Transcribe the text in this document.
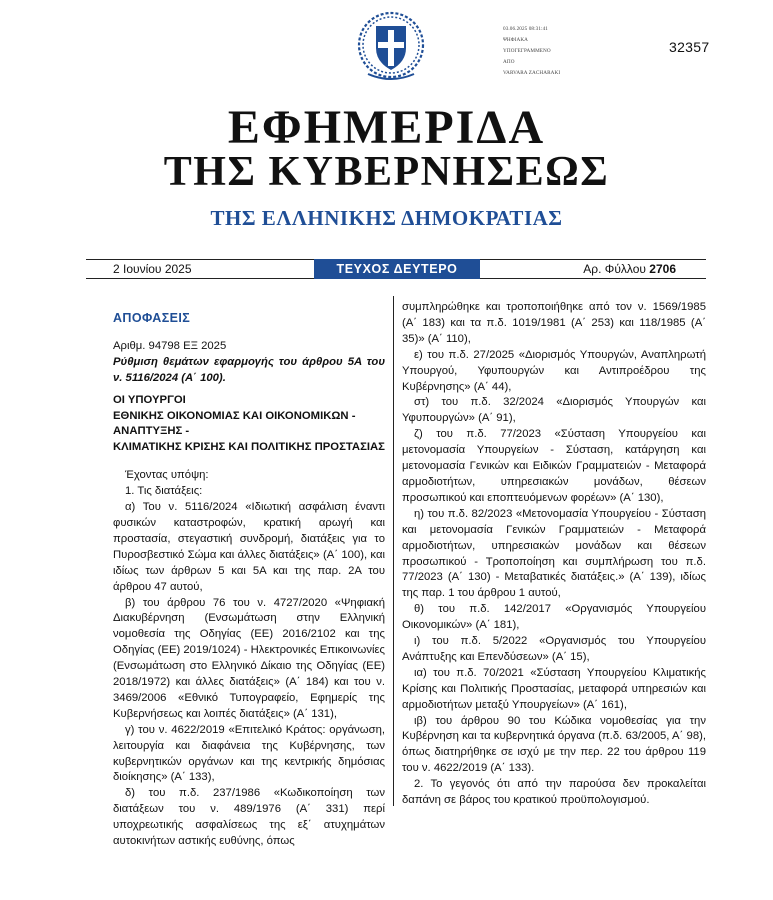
03.06.2025 08:31:41
ΨΗΦΙΑΚΑ
ΥΠΟΓΕΓΡΑΜΜΕΝΟ
ΑΠΟ
VARVARA ZACHARAKI
32357
ΕΦΗΜΕΡΙΔΑ
ΤΗΣ ΚΥΒΕΡΝΗΣΕΩΣ
ΤΗΣ ΕΛΛΗΝΙΚΗΣ ΔΗΜΟΚΡΑΤΙΑΣ
2 Ιουνίου 2025	ΤΕΥΧΟΣ ΔΕΥΤΕΡΟ	Αρ. Φύλλου 2706
ΑΠΟΦΑΣΕΙΣ
Αριθμ. 94798 ΕΞ 2025
Ρύθμιση θεμάτων εφαρμογής του άρθρου 5Α του ν. 5116/2024 (Α΄ 100).
ΟΙ ΥΠΟΥΡΓΟΙ
ΕΘΝΙΚΗΣ ΟΙΚΟΝΟΜΙΑΣ ΚΑΙ ΟΙΚΟΝΟΜΙΚΩΝ - ΑΝΑΠΤΥΞΗΣ -
ΚΛΙΜΑΤΙΚΗΣ ΚΡΙΣΗΣ ΚΑΙ ΠΟΛΙΤΙΚΗΣ ΠΡΟΣΤΑΣΙΑΣ
Έχοντας υπόψη:
1. Τις διατάξεις:
α) Του ν. 5116/2024 «Ιδιωτική ασφάλιση έναντι φυσικών καταστροφών, κρατική αρωγή και προστασία, στεγαστική συνδρομή, διατάξεις για το Πυροσβεστικό Σώμα και άλλες διατάξεις» (Α΄ 100), και ιδίως των άρθρων 5 και 5Α και της παρ. 2Α του άρθρου 47 αυτού,
β) του άρθρου 76 του ν. 4727/2020 «Ψηφιακή Διακυβέρνηση (Ενσωμάτωση στην Ελληνική νομοθεσία της Οδηγίας (ΕΕ) 2016/2102 και της Οδηγίας (ΕΕ) 2019/1024) - Ηλεκτρονικές Επικοινωνίες (Ενσωμάτωση στο Ελληνικό Δίκαιο της Οδηγίας (ΕΕ) 2018/1972) και άλλες διατάξεις» (Α΄ 184) και του ν. 3469/2006 «Εθνικό Τυπογραφείο, Εφημερίς της Κυβερνήσεως και λοιπές διατάξεις» (Α΄ 131),
γ) του ν. 4622/2019 «Επιτελικό Κράτος: οργάνωση, λειτουργία και διαφάνεια της Κυβέρνησης, των κυβερνητικών οργάνων και της κεντρικής δημόσιας διοίκησης» (Α΄ 133),
δ) του π.δ. 237/1986 «Κωδικοποίηση των διατάξεων του ν. 489/1976 (Α΄ 331) περί υποχρεωτικής ασφαλίσεως της εξ΄ ατυχημάτων αυτοκινήτων αστικής ευθύνης, όπως
συμπληρώθηκε και τροποποιήθηκε από τον ν. 1569/1985 (Α΄ 183) και τα π.δ. 1019/1981 (Α΄ 253) και 118/1985 (Α΄ 35)» (Α΄ 110),
ε) του π.δ. 27/2025 «Διορισμός Υπουργών, Αναπληρωτή Υπουργού, Υφυπουργών και Αντιπροέδρου της Κυβέρνησης» (Α΄ 44),
στ) του π.δ. 32/2024 «Διορισμός Υπουργών και Υφυπουργών» (Α΄ 91),
ζ) του π.δ. 77/2023 «Σύσταση Υπουργείου και μετονομασία Υπουργείων - Σύσταση, κατάργηση και μετονομασία Γενικών και Ειδικών Γραμματειών - Μεταφορά αρμοδιοτήτων, υπηρεσιακών μονάδων, θέσεων προσωπικού και εποπτευόμενων φορέων» (Α΄ 130),
η) του π.δ. 82/2023 «Μετονομασία Υπουργείου - Σύσταση και μετονομασία Γενικών Γραμματειών - Μεταφορά αρμοδιοτήτων, υπηρεσιακών μονάδων και θέσεων προσωπικού - Τροποποίηση και συμπλήρωση του π.δ. 77/2023 (Α΄ 130) - Μεταβατικές διατάξεις.» (Α΄ 139), ιδίως της παρ. 1 του άρθρου 1 αυτού,
θ) του π.δ. 142/2017 «Οργανισμός Υπουργείου Οικονομικών» (Α΄ 181),
ι) του π.δ. 5/2022 «Οργανισμός του Υπουργείου Ανάπτυξης και Επενδύσεων» (Α΄ 15),
ια) του π.δ. 70/2021 «Σύσταση Υπουργείου Κλιματικής Κρίσης και Πολιτικής Προστασίας, μεταφορά υπηρεσιών και αρμοδιοτήτων μεταξύ Υπουργείων» (Α΄ 161),
ιβ) του άρθρου 90 του Κώδικα νομοθεσίας για την Κυβέρνηση και τα κυβερνητικά όργανα (π.δ. 63/2005, Α΄ 98), όπως διατηρήθηκε σε ισχύ με την περ. 22 του άρθρου 119 του ν. 4622/2019 (Α΄ 133).
2. Το γεγονός ότι από την παρούσα δεν προκαλείται δαπάνη σε βάρος του κρατικού προϋπολογισμού.
